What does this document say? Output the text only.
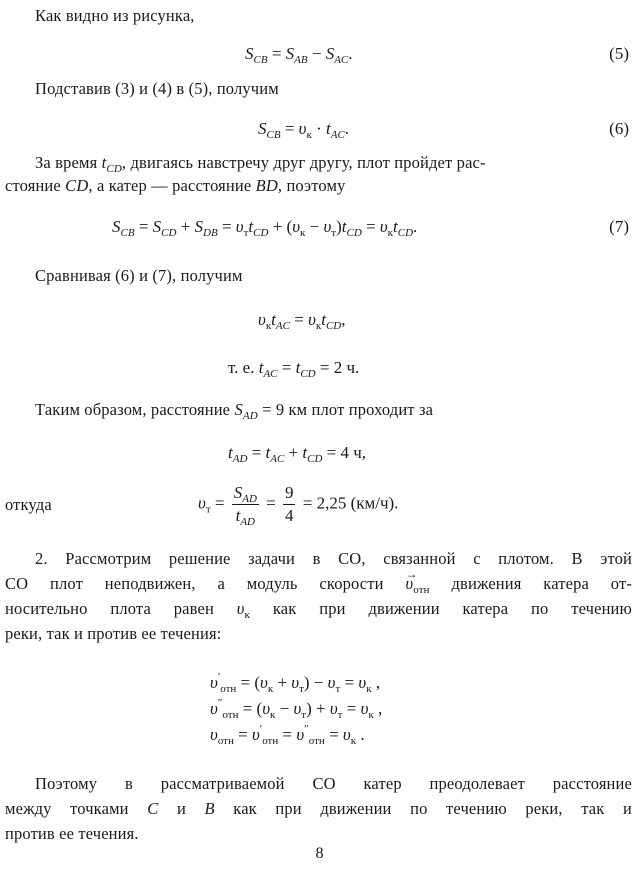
Как видно из рисунка,
$S_{CB} = S_{AB} - S_{AC}$.	(5)
Подставив (3) и (4) в (5), получим
$S_{CB} = \upsilon_к \cdot t_{AC}$.	(6)
За время $t_{CD}$, двигаясь навстречу друг другу, плот пройдет рас-
стояние CD, а катер — расстояние BD, поэтому
$S_{CB} = S_{CD} + S_{DB} = \upsilon_тt_{CD} + (\upsilon_к - \upsilon_т)t_{CD} = \upsilon_кt_{CD}$.	(7)
Сравнивая (6) и (7), получим
$\upsilon_кt_{AC} = \upsilon_кt_{CD}$,
т. е. $t_{AC} = t_{CD} = 2$ ч.
Таким образом, расстояние $S_{AD} = 9$ км плот проходит за
$t_{AD} = t_{AC} + t_{CD} = 4$ ч,
откуда	$\upsilon_т = \frac{S_{AD}}{t_{AD}} = \frac{9}{4} = 2,25$ (км/ч).
2. Рассмотрим решение задачи в СО, связанной с плотом. В этой
СО плот неподвижен, а модуль скорости → $\upsilon_{отн}$ движения катера от-
носительно плота равен $\upsilon_к$ как при движении катера по течению
реки, так и против ее течения:
$\upsilon'_{отн} = (\upsilon_к + \upsilon_т) - \upsilon_т = \upsilon_к$ ,
$\upsilon''_{отн} = (\upsilon_к - \upsilon_т) + \upsilon_т = \upsilon_к$ ,
$\upsilon_{отн} = \upsilon'_{отн} = \upsilon''_{отн} = \upsilon_к$ .
Поэтому в рассматриваемой СО катер преодолевает расстояние
между точками C и B как при движении по течению реки, так и
против ее течения.
8
